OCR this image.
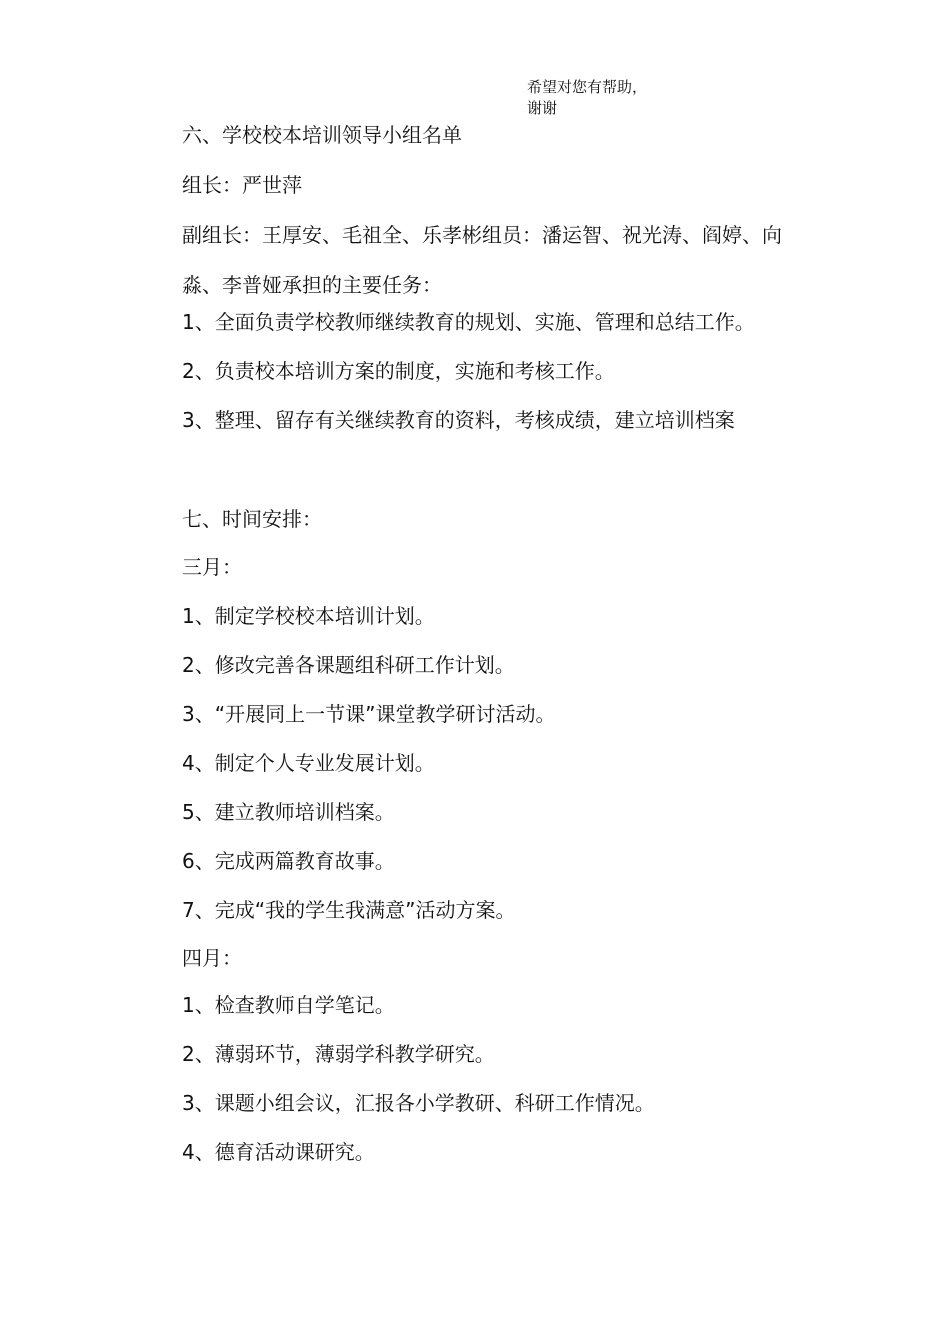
希望对您有帮助，
谢谢
六、学校校本培训领导小组名单
组长：严世萍
副组长：王厚安、毛祖全、乐孝彬组员：潘运智、祝光涛、阎婷、向
淼、李普娅承担的主要任务：
1、全面负责学校教师继续教育的规划、实施、管理和总结工作。
2、负责校本培训方案的制度，实施和考核工作。
3、整理、留存有关继续教育的资料，考核成绩，建立培训档案
七、时间安排：
三月：
1、制定学校校本培训计划。
2、修改完善各课题组科研工作计划。
3、“开展同上一节课”课堂教学研讨活动。
4、制定个人专业发展计划。
5、建立教师培训档案。
6、完成两篇教育故事。
7、完成“我的学生我满意”活动方案。
四月：
1、检查教师自学笔记。
2、薄弱环节，薄弱学科教学研究。
3、课题小组会议，汇报各小学教研、科研工作情况。
4、德育活动课研究。
